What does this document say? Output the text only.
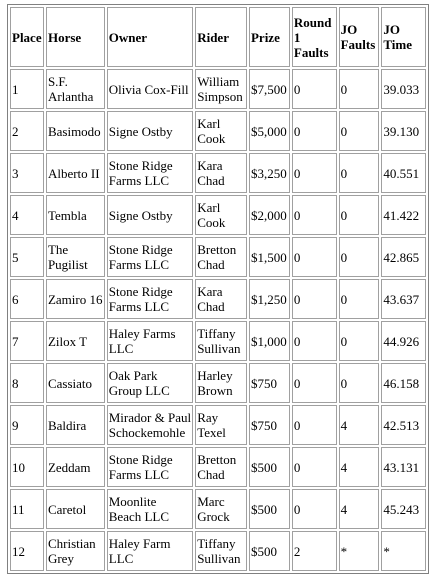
Place	Horse	Owner	Rider	Prize	Round 1 Faults	JO Faults	JO Time
1	S.F. Arlantha	Olivia Cox-Fill	William Simpson	$7,500	0	0	39.033
2	Basimodo	Signe Ostby	Karl Cook	$5,000	0	0	39.130
3	Alberto II	Stone Ridge Farms LLC	Kara Chad	$3,250	0	0	40.551
4	Tembla	Signe Ostby	Karl Cook	$2,000	0	0	41.422
5	The Pugilist	Stone Ridge Farms LLC	Bretton Chad	$1,500	0	0	42.865
6	Zamiro 16	Stone Ridge Farms LLC	Kara Chad	$1,250	0	0	43.637
7	Zilox T	Haley Farms LLC	Tiffany Sullivan	$1,000	0	0	44.926
8	Cassiato	Oak Park Group LLC	Harley Brown	$750	0	0	46.158
9	Baldira	Mirador & Paul Schockemohle	Ray Texel	$750	0	4	42.513
10	Zeddam	Stone Ridge Farms LLC	Bretton Chad	$500	0	4	43.131
11	Caretol	Moonlite Beach LLC	Marc Grock	$500	0	4	45.243
12	Christian Grey	Haley Farm LLC	Tiffany Sullivan	$500	2	*	*
